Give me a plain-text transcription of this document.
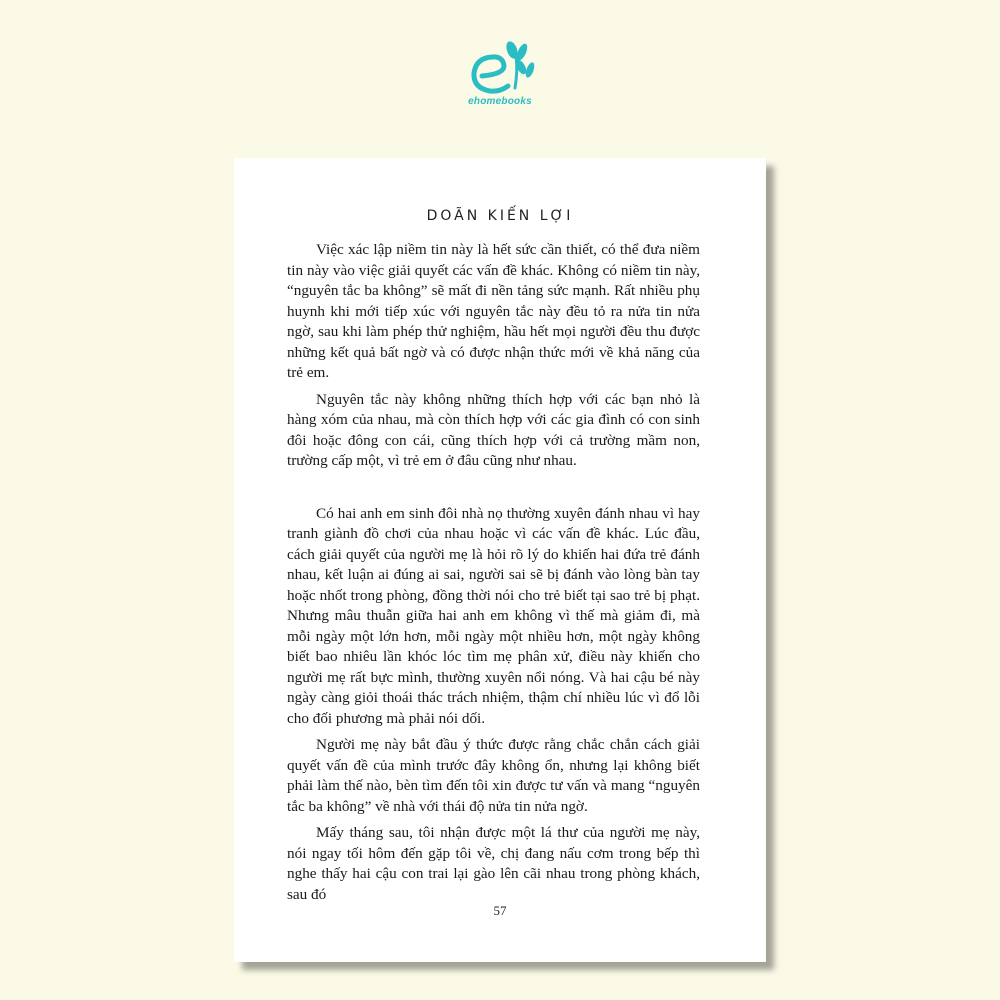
ehomebooks
DOÃN KIẾN LỢI

Việc xác lập niềm tin này là hết sức cần thiết, có thể đưa niềm tin này vào việc giải quyết các vấn đề khác. Không có niềm tin này, “nguyên tắc ba không” sẽ mất đi nền tảng sức mạnh. Rất nhiều phụ huynh khi mới tiếp xúc với nguyên tắc này đều tỏ ra nửa tin nửa ngờ, sau khi làm phép thử nghiệm, hầu hết mọi người đều thu được những kết quả bất ngờ và có được nhận thức mới về khả năng của trẻ em.

Nguyên tắc này không những thích hợp với các bạn nhỏ là hàng xóm của nhau, mà còn thích hợp với các gia đình có con sinh đôi hoặc đông con cái, cũng thích hợp với cả trường mầm non, trường cấp một, vì trẻ em ở đâu cũng như nhau.

Có hai anh em sinh đôi nhà nọ thường xuyên đánh nhau vì hay tranh giành đồ chơi của nhau hoặc vì các vấn đề khác. Lúc đầu, cách giải quyết của người mẹ là hỏi rõ lý do khiến hai đứa trẻ đánh nhau, kết luận ai đúng ai sai, người sai sẽ bị đánh vào lòng bàn tay hoặc nhốt trong phòng, đồng thời nói cho trẻ biết tại sao trẻ bị phạt. Nhưng mâu thuẫn giữa hai anh em không vì thế mà giảm đi, mà mỗi ngày một lớn hơn, mỗi ngày một nhiều hơn, một ngày không biết bao nhiêu lần khóc lóc tìm mẹ phân xử, điều này khiến cho người mẹ rất bực mình, thường xuyên nổi nóng. Và hai cậu bé này ngày càng giỏi thoái thác trách nhiệm, thậm chí nhiều lúc vì đổ lỗi cho đối phương mà phải nói dối.

Người mẹ này bắt đầu ý thức được rằng chắc chắn cách giải quyết vấn đề của mình trước đây không ổn, nhưng lại không biết phải làm thế nào, bèn tìm đến tôi xin được tư vấn và mang “nguyên tắc ba không” về nhà với thái độ nửa tin nửa ngờ.

Mấy tháng sau, tôi nhận được một lá thư của người mẹ này, nói ngay tối hôm đến gặp tôi về, chị đang nấu cơm trong bếp thì nghe thấy hai cậu con trai lại gào lên cãi nhau trong phòng khách, sau đó

57
